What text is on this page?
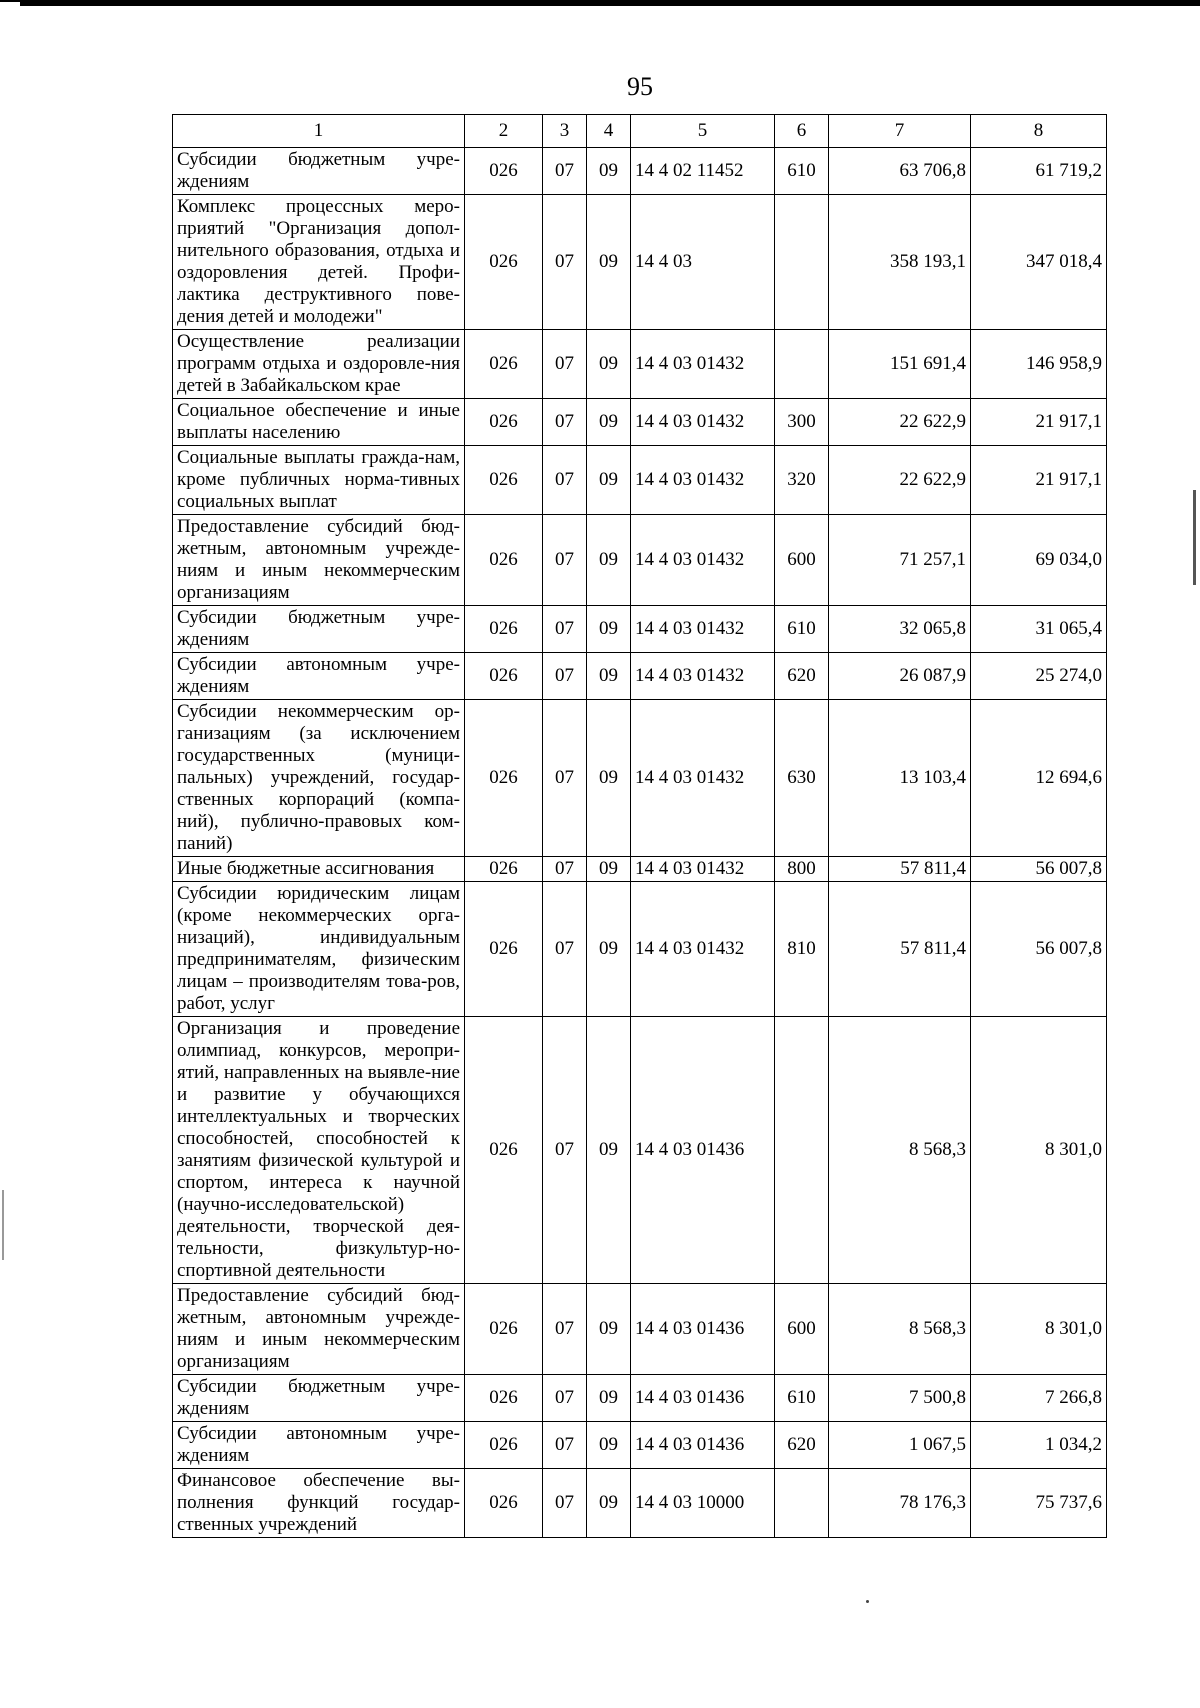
95
1	2	3	4	5	6	7	8
Субсидии бюджетным учре-ждениям	026	07	09	14 4 02 11452	610	63 706,8	61 719,2
Комплекс процессных меро-приятий "Организация допол-нительного образования, отдыха и оздоровления детей. Профи-лактика деструктивного пове-дения детей и молодежи"	026	07	09	14 4 03		358 193,1	347 018,4
Осуществление реализации программ отдыха и оздоровле-ния детей в Забайкальском крае	026	07	09	14 4 03 01432		151 691,4	146 958,9
Социальное обеспечение и иные выплаты населению	026	07	09	14 4 03 01432	300	22 622,9	21 917,1
Социальные выплаты гражда-нам, кроме публичных норма-тивных социальных выплат	026	07	09	14 4 03 01432	320	22 622,9	21 917,1
Предоставление субсидий бюд-жетным, автономным учрежде-ниям и иным некоммерческим организациям	026	07	09	14 4 03 01432	600	71 257,1	69 034,0
Субсидии бюджетным учре-ждениям	026	07	09	14 4 03 01432	610	32 065,8	31 065,4
Субсидии автономным учре-ждениям	026	07	09	14 4 03 01432	620	26 087,9	25 274,0
Субсидии некоммерческим ор-ганизациям (за исключением государственных (муници-пальных) учреждений, государ-ственных корпораций (компа-ний), публично-правовых ком-паний)	026	07	09	14 4 03 01432	630	13 103,4	12 694,6
Иные бюджетные ассигнования	026	07	09	14 4 03 01432	800	57 811,4	56 007,8
Субсидии юридическим лицам (кроме некоммерческих орга-низаций), индивидуальным предпринимателям, физическим лицам – производителям това-ров, работ, услуг	026	07	09	14 4 03 01432	810	57 811,4	56 007,8
Организация и проведение олимпиад, конкурсов, меропри-ятий, направленных на выявле-ние и развитие у обучающихся интеллектуальных и творческих способностей, способностей к занятиям физической культурой и спортом, интереса к научной (научно-исследовательской) деятельности, творческой дея-тельности, физкультур-но-спортивной деятельности	026	07	09	14 4 03 01436		8 568,3	8 301,0
Предоставление субсидий бюд-жетным, автономным учрежде-ниям и иным некоммерческим организациям	026	07	09	14 4 03 01436	600	8 568,3	8 301,0
Субсидии бюджетным учре-ждениям	026	07	09	14 4 03 01436	610	7 500,8	7 266,8
Субсидии автономным учре-ждениям	026	07	09	14 4 03 01436	620	1 067,5	1 034,2
Финансовое обеспечение вы-полнения функций государ-ственных учреждений	026	07	09	14 4 03 10000		78 176,3	75 737,6
